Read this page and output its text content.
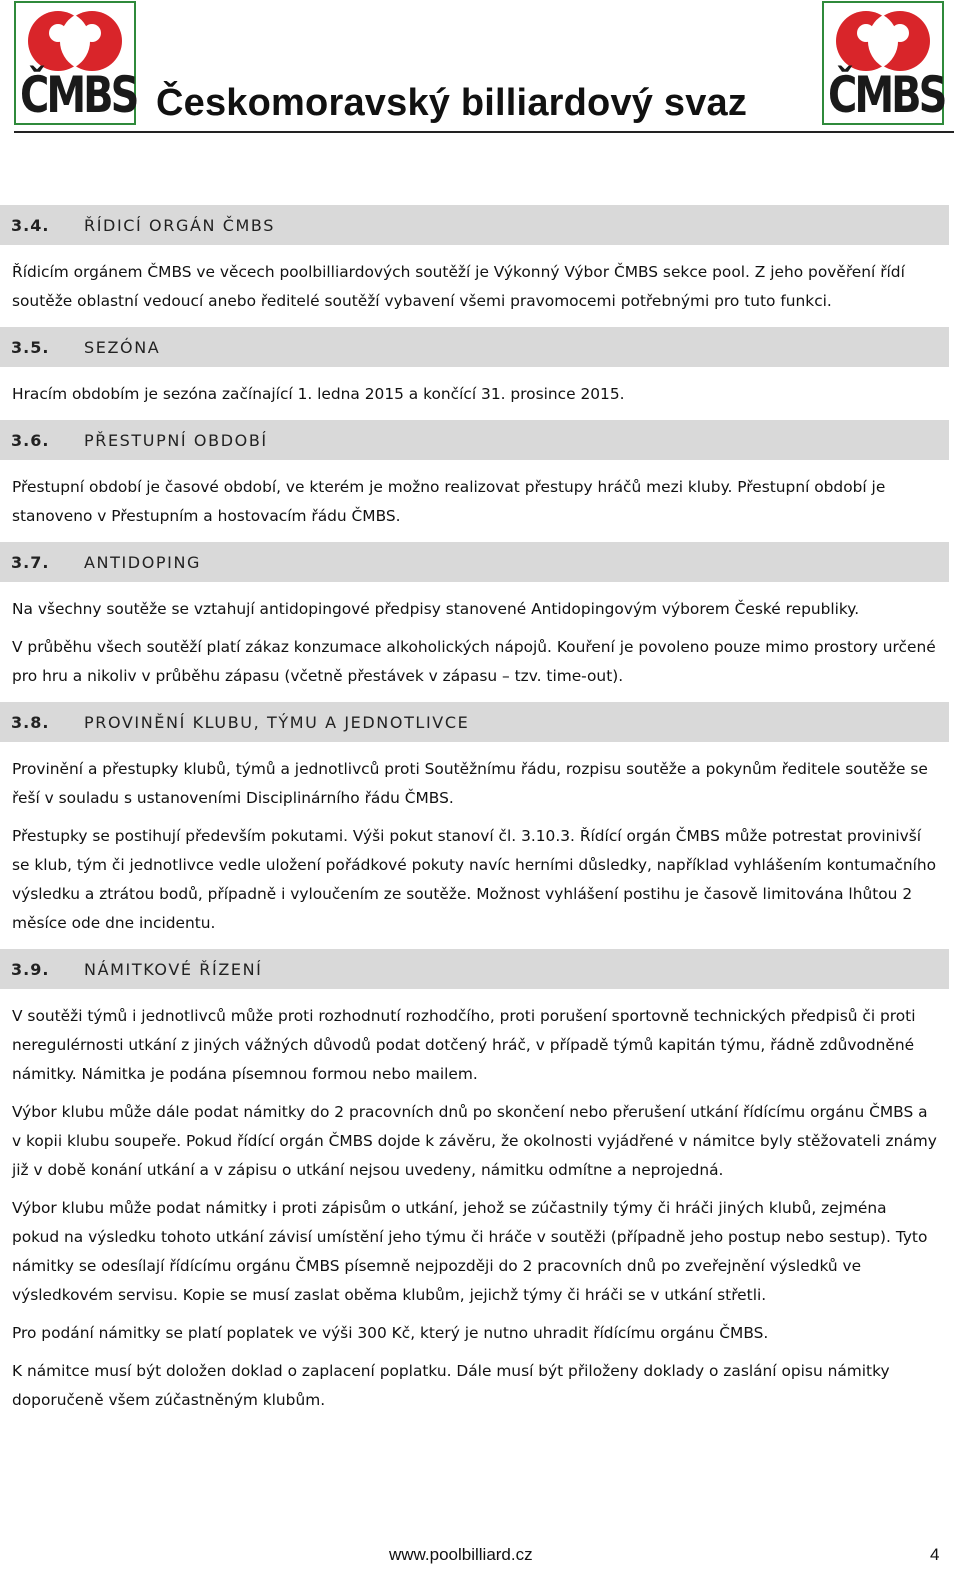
ČMBS Českomoravský billiardový svaz ČMBS
3.4.	ŘÍDICÍ ORGÁN ČMBS

Řídicím orgánem ČMBS ve věcech poolbilliardových soutěží je Výkonný Výbor ČMBS sekce pool. Z jeho pověření řídí soutěže oblastní vedoucí anebo ředitelé soutěží vybavení všemi pravomocemi potřebnými pro tuto funkci.

3.5.	SEZÓNA

Hracím obdobím je sezóna začínající 1. ledna 2015 a končící 31. prosince 2015.

3.6.	PŘESTUPNÍ OBDOBÍ

Přestupní období je časové období, ve kterém je možno realizovat přestupy hráčů mezi kluby. Přestupní období je stanoveno v Přestupním a hostovacím řádu ČMBS.

3.7.	ANTIDOPING

Na všechny soutěže se vztahují antidopingové předpisy stanovené Antidopingovým výborem České republiky.

V průběhu všech soutěží platí zákaz konzumace alkoholických nápojů. Kouření je povoleno pouze mimo prostory určené pro hru a nikoliv v průběhu zápasu (včetně přestávek v zápasu – tzv. time-out).

3.8.	PROVINĚNÍ KLUBU, TÝMU A JEDNOTLIVCE

Provinění a přestupky klubů, týmů a jednotlivců proti Soutěžnímu řádu, rozpisu soutěže a pokynům ředitele soutěže se řeší v souladu s ustanoveními Disciplinárního řádu ČMBS.

Přestupky se postihují především pokutami. Výši pokut stanoví čl. 3.10.3. Řídící orgán ČMBS může potrestat provinivší se klub, tým či jednotlivce vedle uložení pořádkové pokuty navíc herními důsledky, například vyhlášením kontumačního výsledku a ztrátou bodů, případně i vyloučením ze soutěže. Možnost vyhlášení postihu je časově limitována lhůtou 2 měsíce ode dne incidentu.

3.9.	NÁMITKOVÉ ŘÍZENÍ

V soutěži týmů i jednotlivců může proti rozhodnutí rozhodčího, proti porušení sportovně technických předpisů či proti neregulérnosti utkání z jiných vážných důvodů podat dotčený hráč, v případě týmů kapitán týmu, řádně zdůvodněné námitky. Námitka je podána písemnou formou nebo mailem.

Výbor klubu může dále podat námitky do 2 pracovních dnů po skončení nebo přerušení utkání řídícímu orgánu ČMBS a v kopii klubu soupeře. Pokud řídící orgán ČMBS dojde k závěru, že okolnosti vyjádřené v námitce byly stěžovateli známy již v době konání utkání a v zápisu o utkání nejsou uvedeny, námitku odmítne a neprojedná.

Výbor klubu může podat námitky i proti zápisům o utkání, jehož se zúčastnily týmy či hráči jiných klubů, zejména pokud na výsledku tohoto utkání závisí umístění jeho týmu či hráče v soutěži (případně jeho postup nebo sestup). Tyto námitky se odesílají řídícímu orgánu ČMBS písemně nejpozději do 2 pracovních dnů po zveřejnění výsledků ve výsledkovém servisu. Kopie se musí zaslat oběma klubům, jejichž týmy či hráči se v utkání střetli.

Pro podání námitky se platí poplatek ve výši 300 Kč, který je nutno uhradit řídícímu orgánu ČMBS.

K námitce musí být doložen doklad o zaplacení poplatku. Dále musí být přiloženy doklady o zaslání opisu námitky doporučeně všem zúčastněným klubům.

www.poolbilliard.cz	4
